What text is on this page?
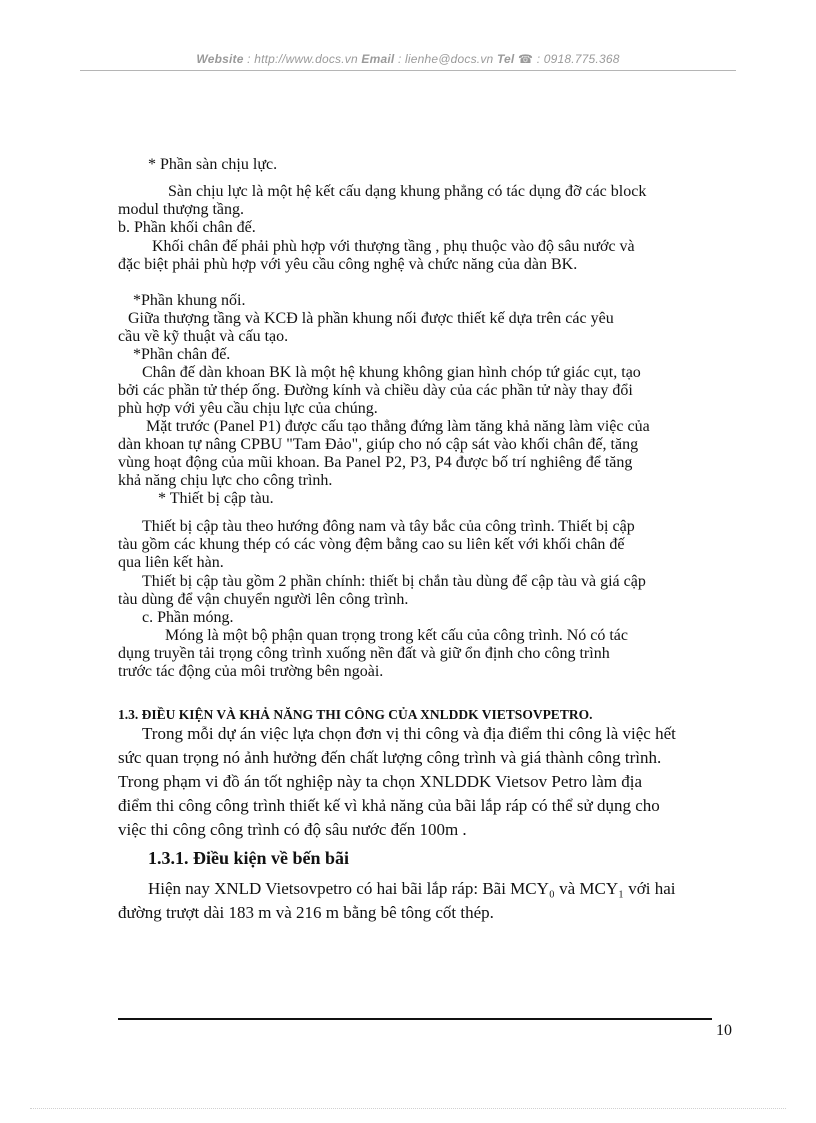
Website : http://www.docs.vn Email : lienhe@docs.vn Tel ☎ : 0918.775.368
* Phần sàn chịu lực.
Sàn chịu lực là một hệ kết cấu dạng khung phẳng có tác dụng đỡ các block
modul thượng tầng.
b. Phần khối chân đế.
Khối chân đế phải phù hợp với thượng tầng , phụ thuộc vào độ sâu nước và
đặc biệt phải phù hợp với yêu cầu công nghệ và chức năng của dàn BK.
*Phần khung nối.
Giữa thượng tầng và KCĐ là phần khung nối được thiết kế dựa trên các yêu
cầu về kỹ thuật và cấu tạo.
*Phần chân đế.
Chân đế dàn khoan BK là một hệ khung không gian hình chóp tứ giác cụt, tạo
bởi các phần tử thép ống. Đường kính và chiều dày của các phần tử này thay đổi
phù hợp với yêu cầu chịu lực của chúng.
Mặt trước (Panel P1) được cấu tạo thẳng đứng làm tăng khả năng làm việc của
dàn khoan tự nâng CPBU "Tam Đảo", giúp cho nó cập sát vào khối chân đế, tăng
vùng hoạt động của mũi khoan. Ba Panel P2, P3, P4 được bố trí nghiêng để tăng
khả năng chịu lực cho công trình.
* Thiết bị cập tàu.
Thiết bị cập tàu theo hướng đông nam và tây bắc của công trình. Thiết bị cập
tàu gồm các khung thép có các vòng đệm bằng cao su liên kết với khối chân đế
qua liên kết hàn.
Thiết bị cập tàu gồm 2 phần chính: thiết bị chắn tàu dùng để cập tàu và giá cập
tàu dùng để vận chuyển người lên công trình.
c. Phần móng.
Móng là một bộ phận quan trọng trong kết cấu của công trình. Nó có tác
dụng truyền tải trọng công trình xuống nền đất và giữ ổn định cho công trình
trước tác động của môi trường bên ngoài.
1.3. ĐIỀU KIỆN VÀ KHẢ NĂNG THI CÔNG CỦA XNLDDK VIETSOVPETRO.
Trong mỗi dự án việc lựa chọn đơn vị thi công và địa điểm thi công là việc hết
sức quan trọng nó ảnh hưởng đến chất lượng công trình và giá thành công trình.
Trong phạm vi đồ án tốt nghiệp này ta chọn XNLDDK Vietsov Petro làm địa
điểm thi công công trình thiết kế vì khả năng của bãi lắp ráp có thể sử dụng cho
việc thi công công trình có độ sâu nước đến 100m .
1.3.1. Điều kiện về bến bãi
Hiện nay XNLD Vietsovpetro có hai bãi lắp ráp: Bãi MCY₀ và MCY₁ với hai
đường trượt dài 183 m và 216 m bằng bê tông cốt thép.
10
